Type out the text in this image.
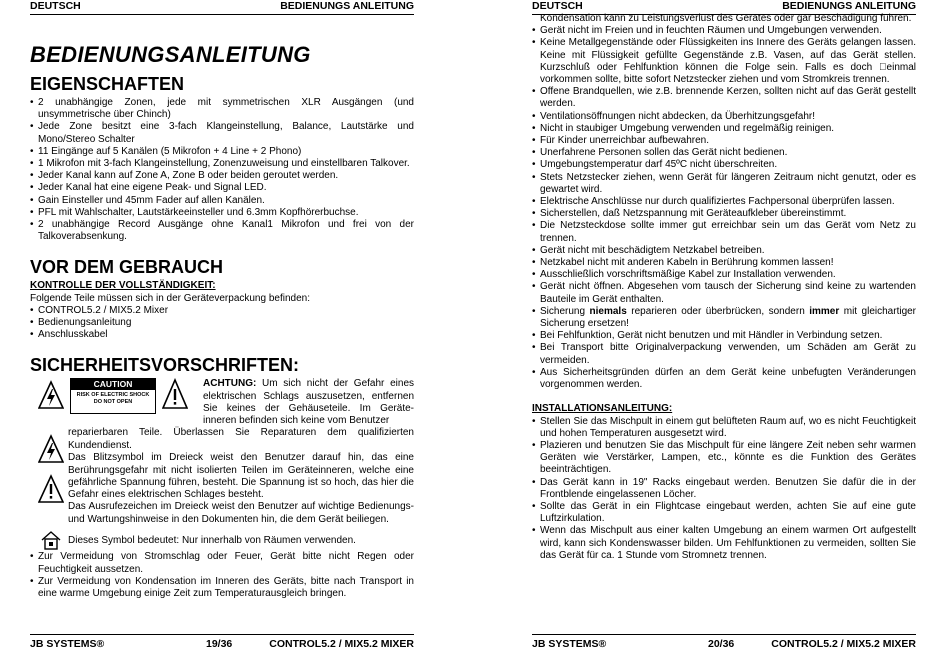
DEUTSCH	BEDIENUNGS ANLEITUNG
BEDIENUNGSANLEITUNG
EIGENSCHAFTEN
• 2 unabhängige Zonen, jede mit symmetrischen XLR Ausgängen (und unsymmetrische über Chinch)
• Jede Zone besitzt eine 3-fach Klangeinstellung, Balance, Lautstärke und Mono/Stereo Schalter
• 11 Eingänge auf 5 Kanälen (5 Mikrofon + 4 Line + 2 Phono)
• 1 Mikrofon mit 3-fach Klangeinstellung, Zonenzuweisung und einstellbaren Talkover.
• Jeder Kanal kann auf Zone A, Zone B oder beiden geroutet werden.
• Jeder Kanal hat eine eigene Peak- und Signal LED.
• Gain Einsteller und 45mm Fader auf allen Kanälen.
• PFL mit Wahlschalter, Lautstärkeeinsteller und 6.3mm Kopfhörerbuchse.
• 2 unabhängige Record Ausgänge ohne Kanal1 Mikrofon und frei von der Talkoverabsenkung.
VOR DEM GEBRAUCH
KONTROLLE DER VOLLSTÄNDIGKEIT:

Folgende Teile müssen sich in der Geräteverpackung befinden:

• CONTROL5.2 / MIX5.2 Mixer
• Bedienungsanleitung
• Anschlusskabel
SICHERHEITSVORSCHRIFTEN:
CAUTION
RISK OF ELECTRIC SHOCK
DO NOT OPEN
ACHTUNG: Um sich nicht der Gefahr eines elektrischen Schlags auszusetzen, entfernen Sie keines der Gehäuseteile. Im Geräte-inneren befinden sich keine vom Benutzer
reparierbaren Teile. Überlassen Sie Reparaturen dem qualifizierten Kundendienst.
Das Blitzsymbol im Dreieck weist den Benutzer darauf hin, das eine Berührungsgefahr mit nicht isolierten Teilen im Geräteinneren, welche eine gefährliche Spannung führen, besteht. Die Spannung ist so hoch, das hier die Gefahr eines elektrischen Schlages besteht.
Das Ausrufezeichen im Dreieck weist den Benutzer auf wichtige Bedienungs- und Wartungshinweise in den Dokumenten hin, die dem Gerät beiliegen.
Dieses Symbol bedeutet: Nur innerhalb von Räumen verwenden.
• Zur Vermeidung von Stromschlag oder Feuer, Gerät bitte nicht Regen oder Feuchtigkeit aussetzen.
• Zur Vermeidung von Kondensation im Inneren des Geräts, bitte nach Transport in eine warme Umgebung einige Zeit zum Temperaturausgleich bringen.
JB SYSTEMS®	19/36	CONTROL5.2 / MIX5.2 MIXER
DEUTSCH	BEDIENUNGS ANLEITUNG

Kondensation kann zu Leistungsverlust des Gerätes oder gar Beschädigung führen.

• Gerät nicht im Freien und in feuchten Räumen und Umgebungen verwenden.
• Keine Metallgegenstände oder Flüssigkeiten ins Innere des Geräts gelangen lassen. Keine mit Flüssigkeit gefüllte Gegenstände z.B. Vasen, auf das Gerät stellen. Kurzschluß oder Fehlfunktion können die Folge sein. Falls es doch  einmal vorkommen sollte, bitte sofort Netzstecker ziehen und vom Stromkreis trennen.
• Offene Brandquellen, wie z.B. brennende Kerzen, sollten nicht auf das Gerät gestellt werden.
• Ventilationsöffnungen nicht abdecken, da Überhitzungsgefahr!
• Nicht in staubiger Umgebung verwenden und regelmäßig reinigen.
• Für Kinder unerreichbar aufbewahren.
• Unerfahrene Personen sollen das Gerät nicht bedienen.
• Umgebungstemperatur darf 45ºC nicht überschreiten.
• Stets Netzstecker ziehen, wenn Gerät für längeren Zeitraum nicht genutzt, oder es gewartet wird.
• Elektrische Anschlüsse nur durch qualifiziertes Fachpersonal überprüfen lassen.
• Sicherstellen, daß Netzspannung mit Geräteaufkleber übereinstimmt.
• Die Netzsteckdose sollte immer gut erreichbar sein um das Gerät vom Netz zu trennen.
• Gerät nicht mit beschädigtem Netzkabel betreiben.
• Netzkabel nicht mit anderen Kabeln in Berührung kommen lassen!
• Ausschließlich vorschriftsmäßige Kabel zur Installation verwenden.
• Gerät nicht öffnen. Abgesehen vom tausch der Sicherung sind keine zu wartenden Bauteile im Gerät enthalten.
• Sicherung niemals reparieren oder überbrücken, sondern immer mit gleichartiger Sicherung ersetzen!
• Bei Fehlfunktion, Gerät nicht benutzen und mit Händler in Verbindung setzen.
• Bei Transport bitte Originalverpackung verwenden, um Schäden am Gerät zu vermeiden.
• Aus Sicherheitsgründen dürfen an dem Gerät keine unbefugten Veränderungen vorgenommen werden.
INSTALLATIONSANLEITUNG:
• Stellen Sie das Mischpult in einem gut belüfteten Raum auf, wo es nicht Feuchtigkeit und hohen Temperaturen ausgesetzt wird.
• Plazieren und benutzen Sie das Mischpult für eine längere Zeit neben sehr warmen Geräten wie Verstärker, Lampen, etc., könnte es die Funktion des Gerätes beeinträchtigen.
• Das Gerät kann in 19" Racks eingebaut werden. Benutzen Sie dafür die in der Frontblende eingelassenen Löcher.
• Sollte das Gerät in ein Flightcase eingebaut werden, achten Sie auf eine gute Luftzirkulation.
• Wenn das Mischpult aus einer kalten Umgebung an einem warmen Ort aufgestellt wird, kann sich Kondenswasser bilden. Um Fehlfunktionen zu vermeiden, sollten Sie das Gerät für ca. 1 Stunde vom Stromnetz trennen.
JB SYSTEMS®	20/36	CONTROL5.2 / MIX5.2 MIXER
